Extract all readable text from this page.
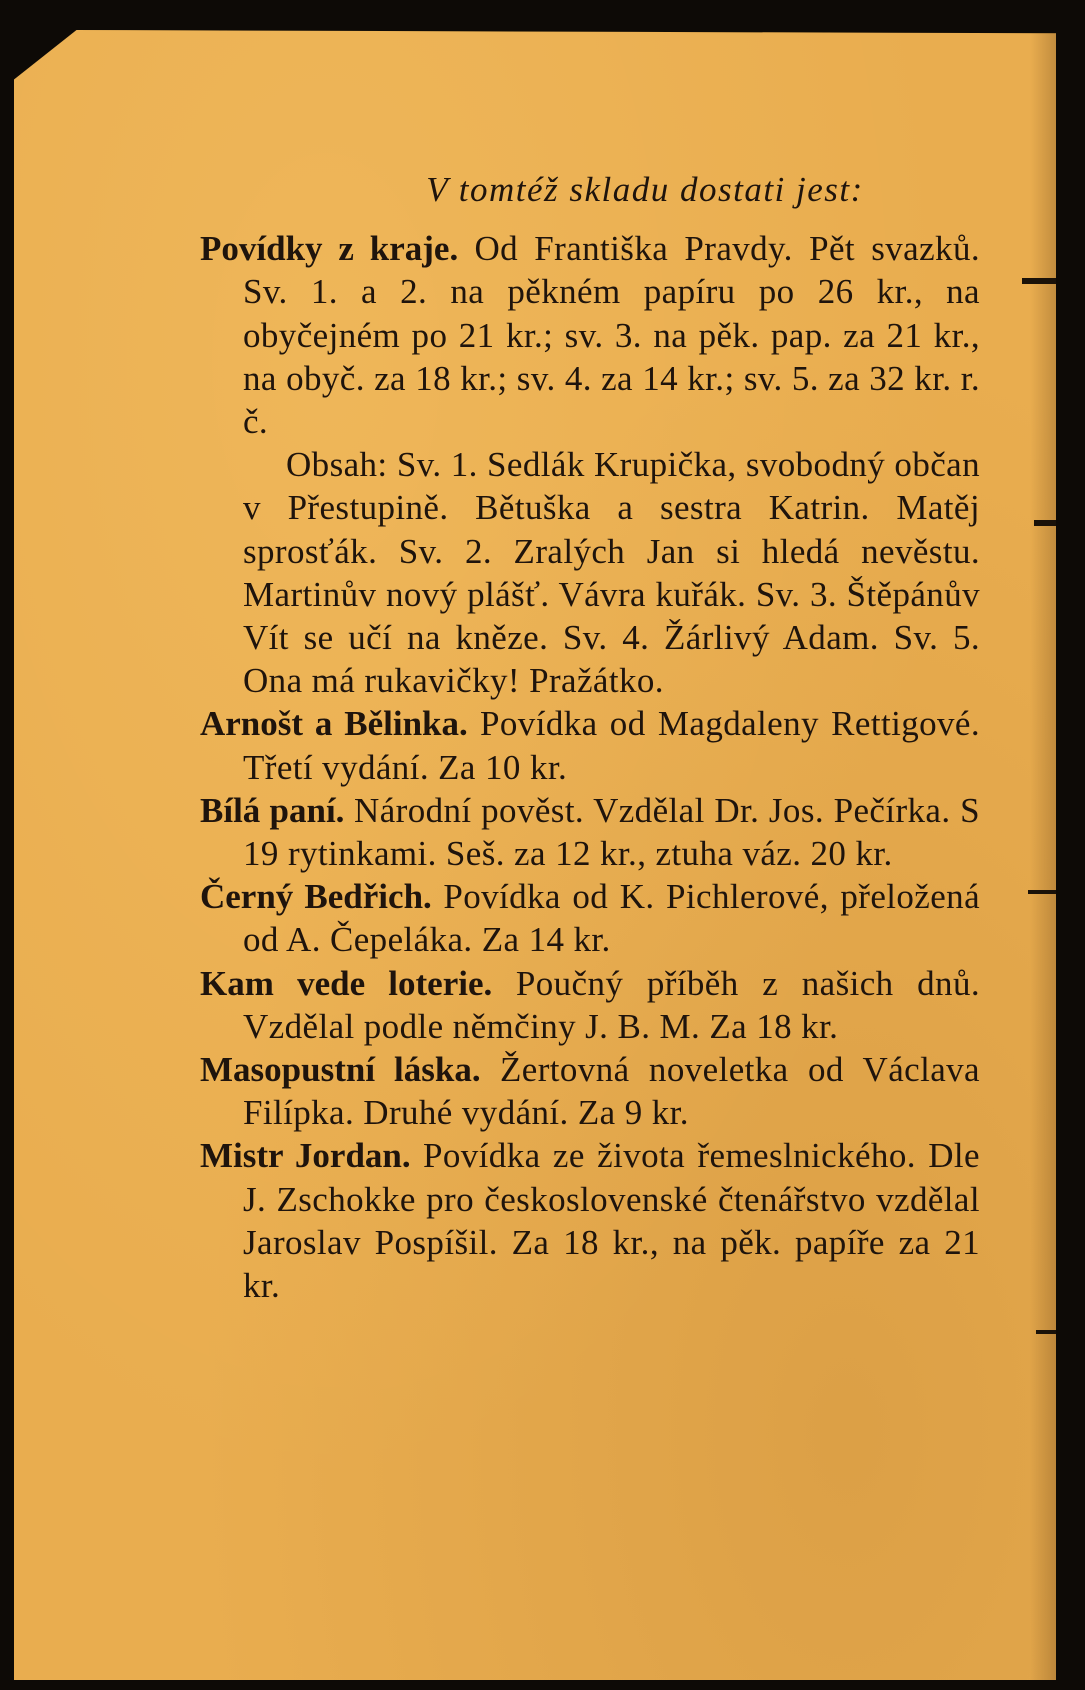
V tomtéž skladu dostati jest:

Povídky z kraje. Od Františka Pravdy. Pět svazků. Sv. 1. a 2. na pěkném papíru po 26 kr., na obyčejném po 21 kr.; sv. 3. na pěk. pap. za 21 kr., na obyč. za 18 kr.; sv. 4. za 14 kr.; sv. 5. za 32 kr. r. č.

Obsah: Sv. 1. Sedlák Krupička, svobodný občan v Přestupině. Bětuška a sestra Katrin. Matěj sprosťák. Sv. 2. Zralých Jan si hledá nevěstu. Martinův nový plášť. Vávra kuřák. Sv. 3. Štěpánův Vít se učí na kněze. Sv. 4. Žárlivý Adam. Sv. 5. Ona má rukavičky! Pražátko.

Arnošt a Bělinka. Povídka od Magdaleny Rettigové. Třetí vydání. Za 10 kr.

Bílá paní. Národní pověst. Vzdělal Dr. Jos. Pečírka. S 19 rytinkami. Seš. za 12 kr., ztuha váz. 20 kr.

Černý Bedřich. Povídka od K. Pichlerové, přeložená od A. Čepeláka. Za 14 kr.

Kam vede loterie. Poučný příběh z našich dnů. Vzdělal podle němčiny J. B. M. Za 18 kr.

Masopustní láska. Žertovná noveletka od Václava Filípka. Druhé vydání. Za 9 kr.

Mistr Jordan. Povídka ze života řemeslnického. Dle J. Zschokke pro československé čtenářstvo vzdělal Jaroslav Pospíšil. Za 18 kr., na pěk. papíře za 21 kr.
